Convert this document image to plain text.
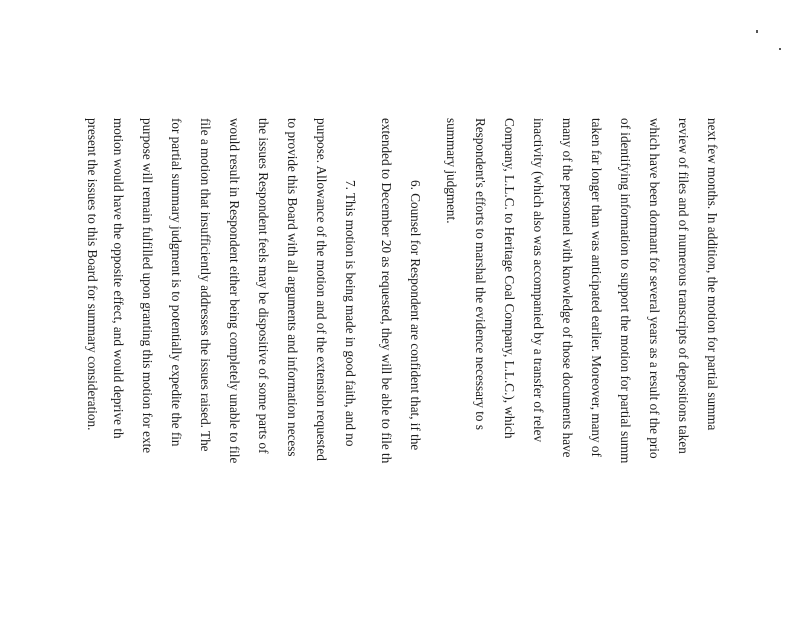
next few months. In addition, the motion for partial summa
review of files and of numerous transcripts of depositions taken
which have been dormant for several years as a result of the prio
of identifying information to support the motion for partial summ
taken far longer than was anticipated earlier. Moreover, many of
many of the personnel with knowledge of those documents have
inactivity (which also was accompanied by a transfer of relev
Company, L.L.C. to Heritage Coal Company, L.L.C.), which
Respondent's efforts to marshal the evidence necessary to s
summary judgment.
6. Counsel for Respondent are confident that, if the
extended to December 20 as requested, they will be able to file th
7. This motion is being made in good faith, and no
purpose. Allowance of the motion and of the extension requested
to provide this Board with all arguments and information necess
the issues Respondent feels may be dispositive of some parts of
would result in Respondent either being completely unable to file
file a motion that insufficiently addresses the issues raised. The
for partial summary judgment is to potentially expedite the fin
purpose will remain fulfilled upon granting this motion for exte
motion would have the opposite effect, and would deprive th
present the issues to this Board for summary consideration.
